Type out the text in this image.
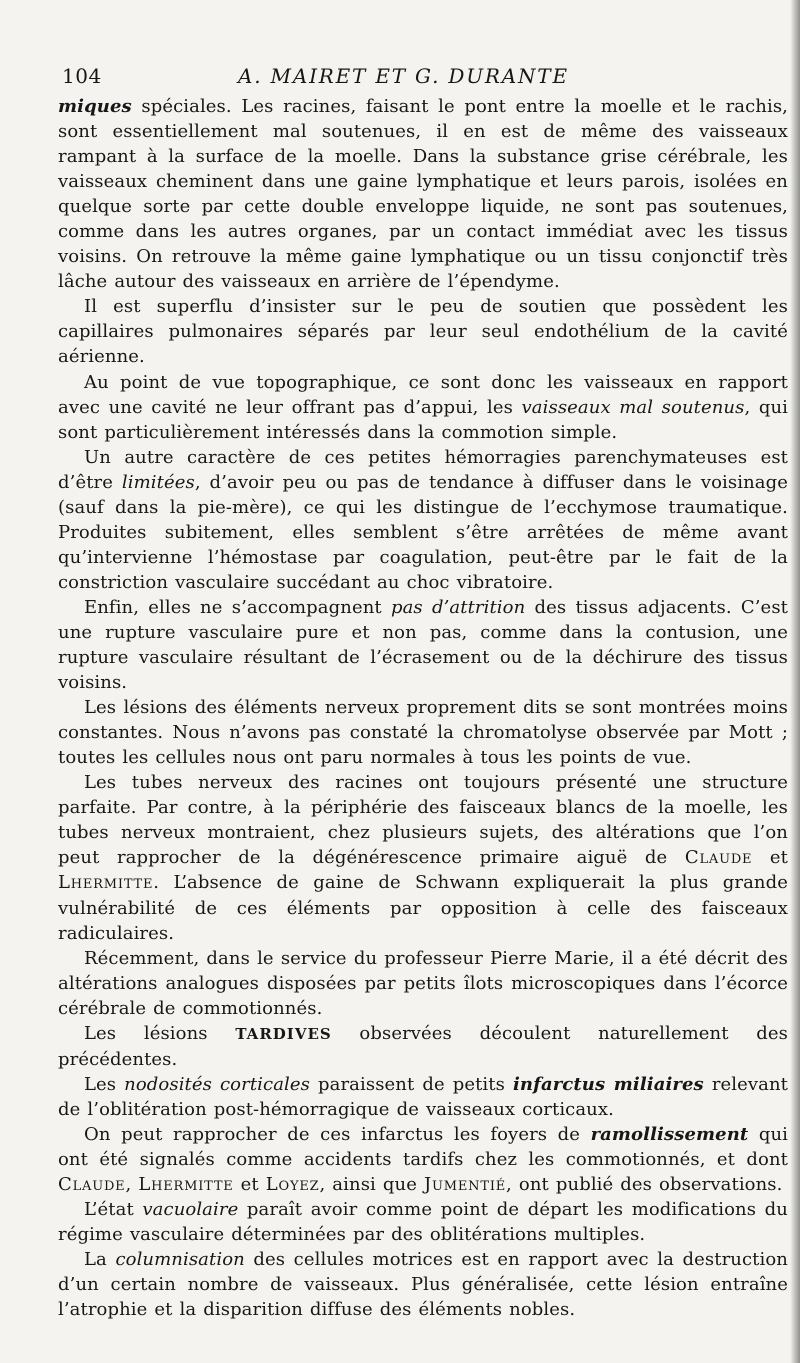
104	A. MAIRET ET G. DURANTE

miques spéciales. Les racines, faisant le pont entre la moelle et le rachis, sont essentiellement mal soutenues, il en est de même des vaisseaux rampant à la surface de la moelle. Dans la substance grise cérébrale, les vaisseaux cheminent dans une gaine lymphatique et leurs parois, isolées en quelque sorte par cette double enveloppe liquide, ne sont pas soutenues, comme dans les autres organes, par un contact immédiat avec les tissus voisins. On retrouve la même gaine lymphatique ou un tissu conjonctif très lâche autour des vaisseaux en arrière de l’épendyme.

Il est superflu d’insister sur le peu de soutien que possèdent les capillaires pulmonaires séparés par leur seul endothélium de la cavité aérienne.

Au point de vue topographique, ce sont donc les vaisseaux en rapport avec une cavité ne leur offrant pas d’appui, les vaisseaux mal soutenus, qui sont particulièrement intéressés dans la commotion simple.

Un autre caractère de ces petites hémorragies parenchymateuses est d’être limitées, d’avoir peu ou pas de tendance à diffuser dans le voisinage (sauf dans la pie-mère), ce qui les distingue de l’ecchymose traumatique. Produites subitement, elles semblent s’être arrêtées de même avant qu’intervienne l’hémostase par coagulation, peut-être par le fait de la constriction vasculaire succédant au choc vibratoire.

Enfin, elles ne s’accompagnent pas d’attrition des tissus adjacents. C’est une rupture vasculaire pure et non pas, comme dans la contusion, une rupture vasculaire résultant de l’écrasement ou de la déchirure des tissus voisins.

Les lésions des éléments nerveux proprement dits se sont montrées moins constantes. Nous n’avons pas constaté la chromatolyse observée par Mott ; toutes les cellules nous ont paru normales à tous les points de vue.

Les tubes nerveux des racines ont toujours présenté une structure parfaite. Par contre, à la périphérie des faisceaux blancs de la moelle, les tubes nerveux montraient, chez plusieurs sujets, des altérations que l’on peut rapprocher de la dégénérescence primaire aiguë de Claude et Lhermitte. L’absence de gaine de Schwann expliquerait la plus grande vulnérabilité de ces éléments par opposition à celle des faisceaux radiculaires.

Récemment, dans le service du professeur Pierre Marie, il a été décrit des altérations analogues disposées par petits îlots microscopiques dans l’écorce cérébrale de commotionnés.

Les lésions TARDIVES observées découlent naturellement des précédentes.

Les nodosités corticales paraissent de petits infarctus miliaires relevant de l’oblitération post-hémorragique de vaisseaux corticaux.

On peut rapprocher de ces infarctus les foyers de ramollissement qui ont été signalés comme accidents tardifs chez les commotionnés, et dont Claude, Lhermitte et Loyez, ainsi que Jumentié, ont publié des observations.

L’état vacuolaire paraît avoir comme point de départ les modifications du régime vasculaire déterminées par des oblitérations multiples.

La columnisation des cellules motrices est en rapport avec la destruction d’un certain nombre de vaisseaux. Plus généralisée, cette lésion entraîne l’atrophie et la disparition diffuse des éléments nobles.
